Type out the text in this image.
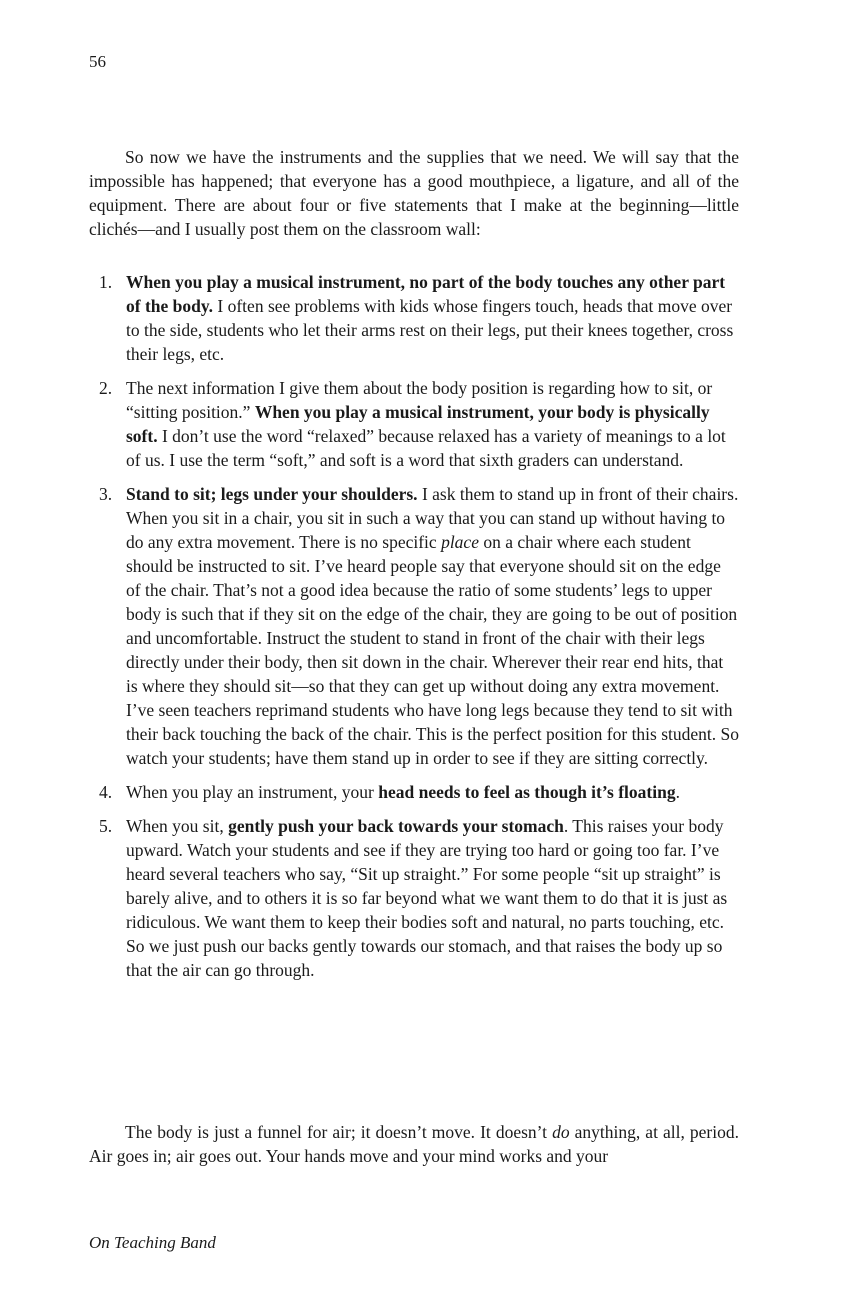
56

So now we have the instruments and the supplies that we need. We will say that the impossible has happened; that everyone has a good mouthpiece, a ligature, and all of the equipment. There are about four or five statements that I make at the beginning—little clichés—and I usually post them on the classroom wall:

1. When you play a musical instrument, no part of the body touches any other part of the body. I often see problems with kids whose fingers touch, heads that move over to the side, students who let their arms rest on their legs, put their knees together, cross their legs, etc.
2. The next information I give them about the body position is regarding how to sit, or “sitting position.” When you play a musical instrument, your body is physically soft. I don’t use the word “relaxed” because relaxed has a variety of meanings to a lot of us. I use the term “soft,” and soft is a word that sixth graders can understand.
3. Stand to sit; legs under your shoulders. I ask them to stand up in front of their chairs. When you sit in a chair, you sit in such a way that you can stand up without having to do any extra movement. There is no specific place on a chair where each student should be instructed to sit. I’ve heard people say that everyone should sit on the edge of the chair. That’s not a good idea because the ratio of some students’ legs to upper body is such that if they sit on the edge of the chair, they are going to be out of position and uncomfortable. Instruct the student to stand in front of the chair with their legs directly under their body, then sit down in the chair. Wherever their rear end hits, that is where they should sit—so that they can get up without doing any extra movement. I’ve seen teachers reprimand students who have long legs because they tend to sit with their back touching the back of the chair. This is the perfect position for this student. So watch your students; have them stand up in order to see if they are sitting correctly.
4. When you play an instrument, your head needs to feel as though it’s floating.
5. When you sit, gently push your back towards your stomach. This raises your body upward. Watch your students and see if they are trying too hard or going too far. I’ve heard several teachers who say, “Sit up straight.” For some people “sit up straight” is barely alive, and to others it is so far beyond what we want them to do that it is just as ridiculous. We want them to keep their bodies soft and natural, no parts touching, etc. So we just push our backs gently towards our stomach, and that raises the body up so that the air can go through.

The body is just a funnel for air; it doesn’t move. It doesn’t do anything, at all, period. Air goes in; air goes out. Your hands move and your mind works and your

On Teaching Band
